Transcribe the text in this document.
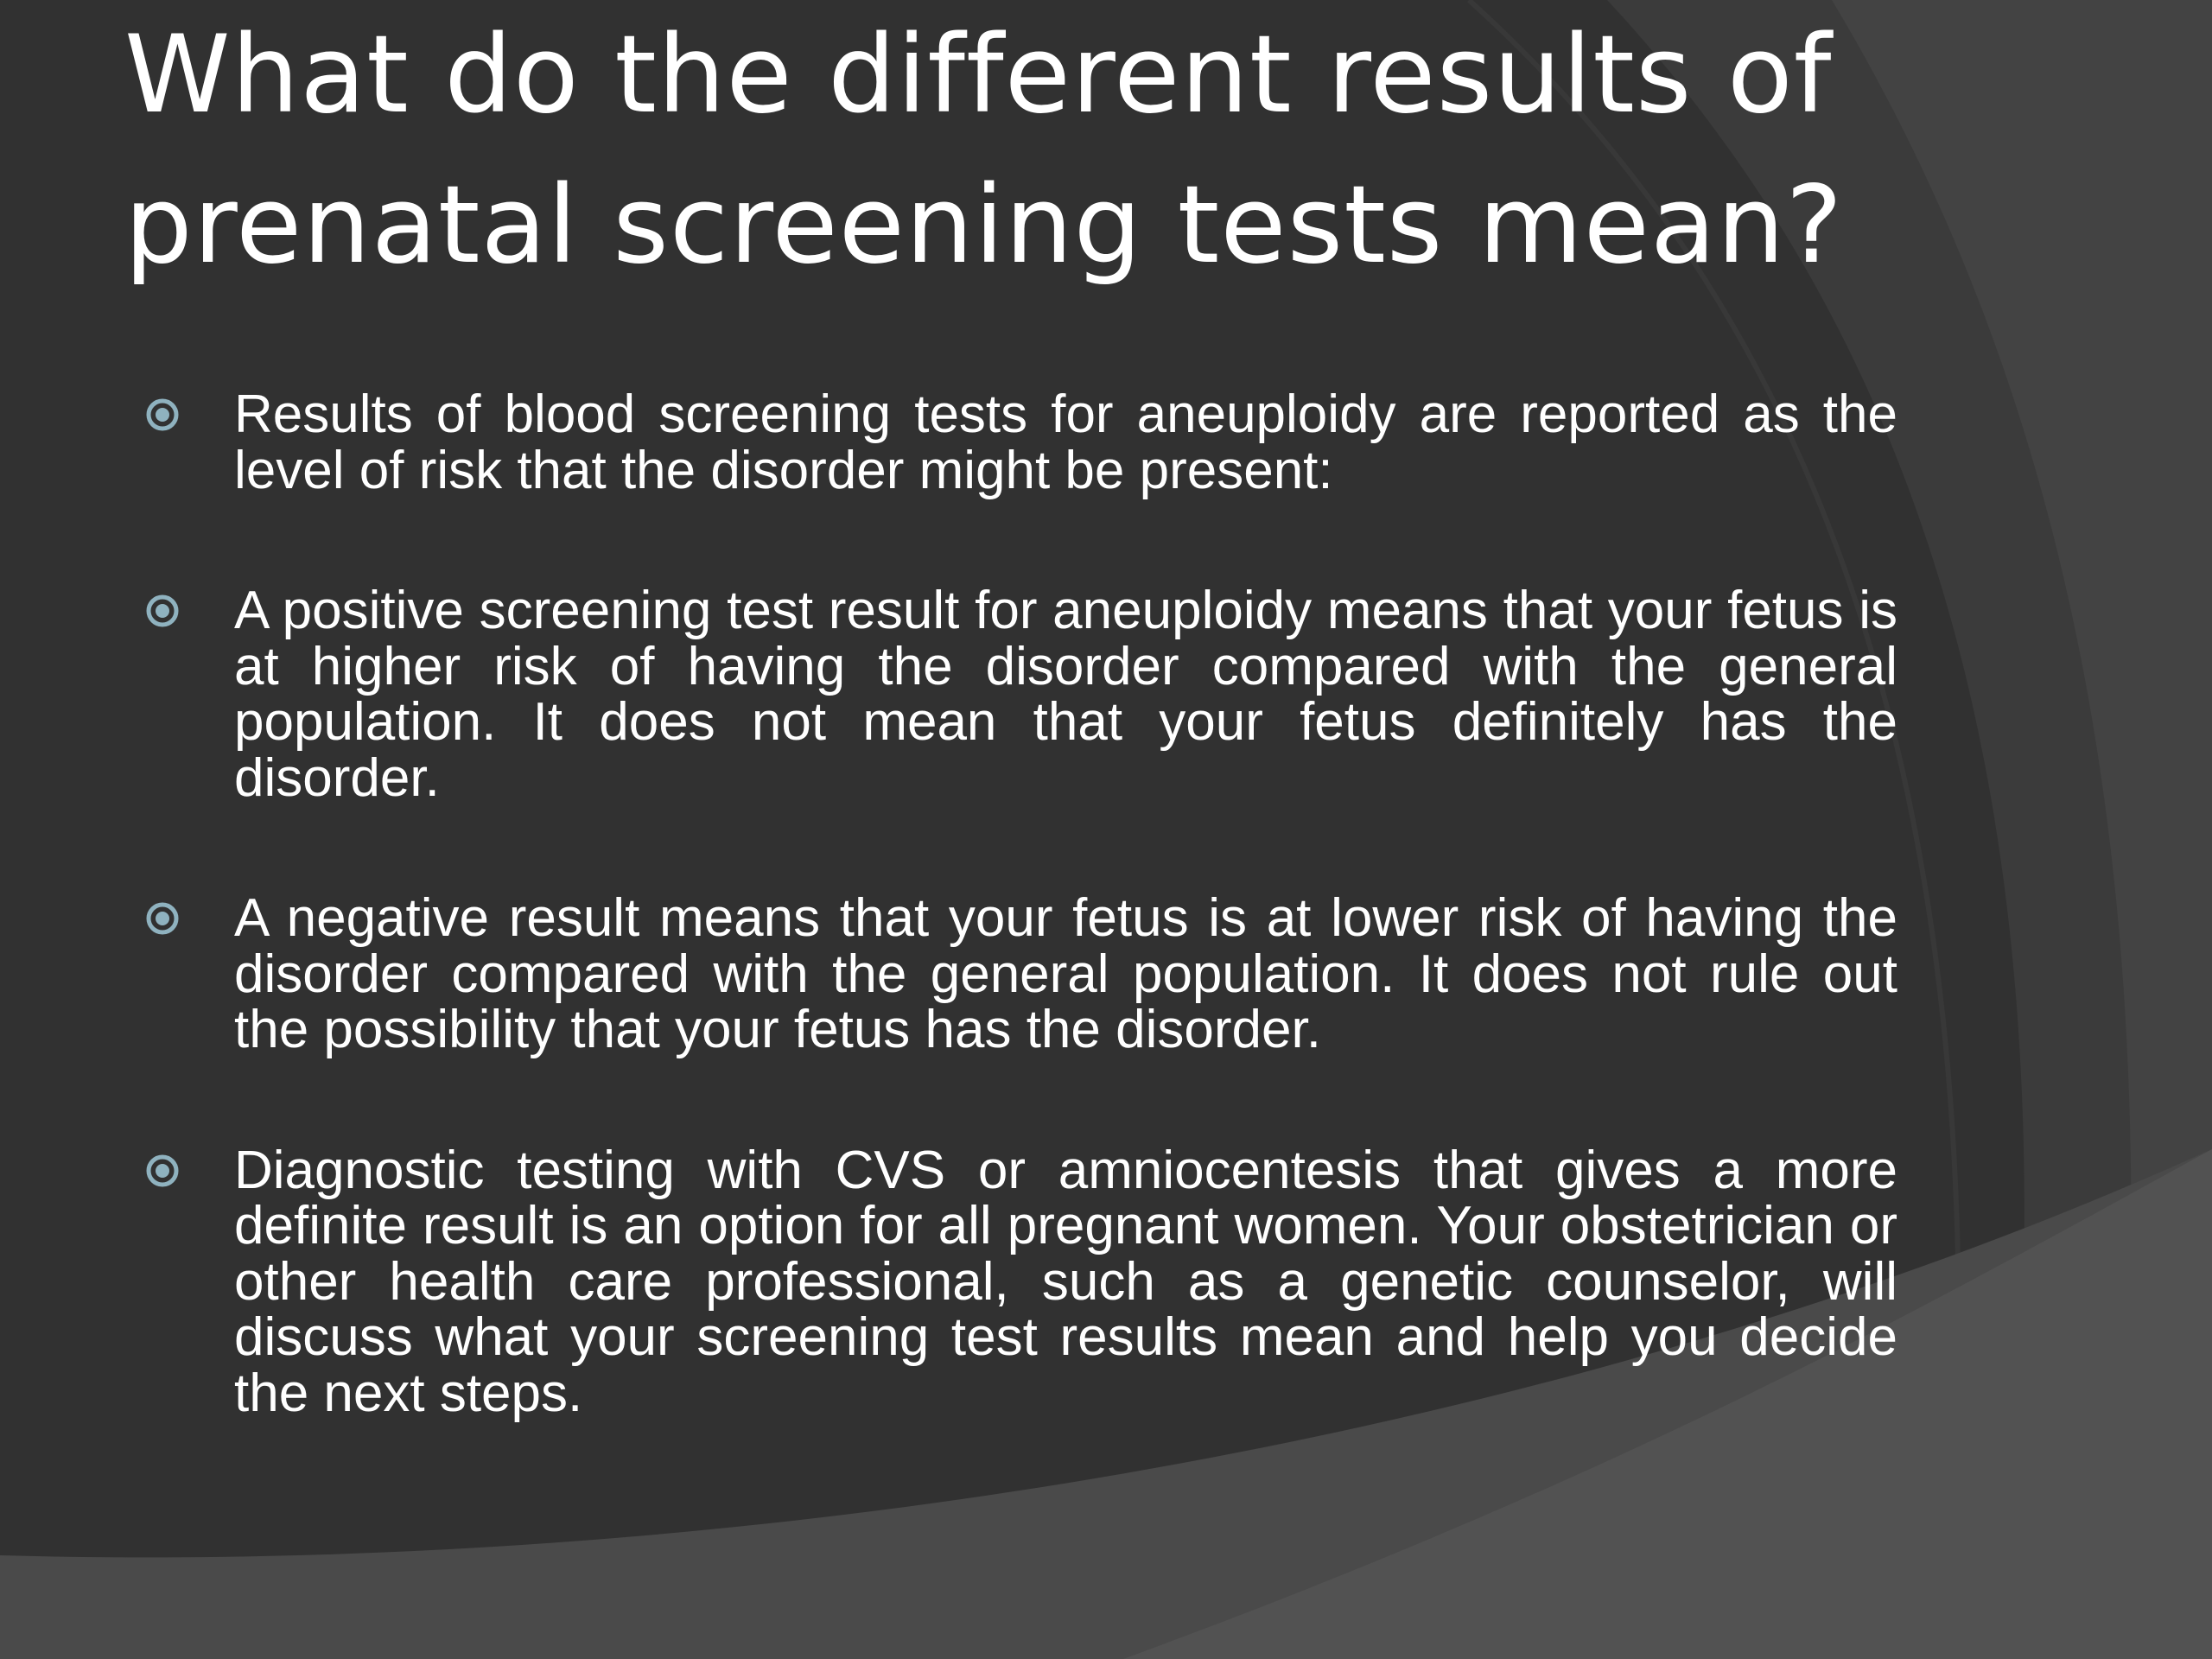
What do the different results of
prenatal screening tests mean?
Results of blood screening tests for aneuploidy are reported as the level of risk that the disorder might be present:
A positive screening test result for aneuploidy means that your fetus is at higher risk of having the disorder compared with the general population. It does not mean that your fetus definitely has the disorder.
A negative result means that your fetus is at lower risk of having the disorder compared with the general population. It does not rule out the possibility that your fetus has the disorder.
Diagnostic testing with CVS or amniocentesis that gives a more definite result is an option for all pregnant women. Your obstetrician or other health care professional, such as a genetic counselor, will discuss what your screening test results mean and help you decide the next steps.
